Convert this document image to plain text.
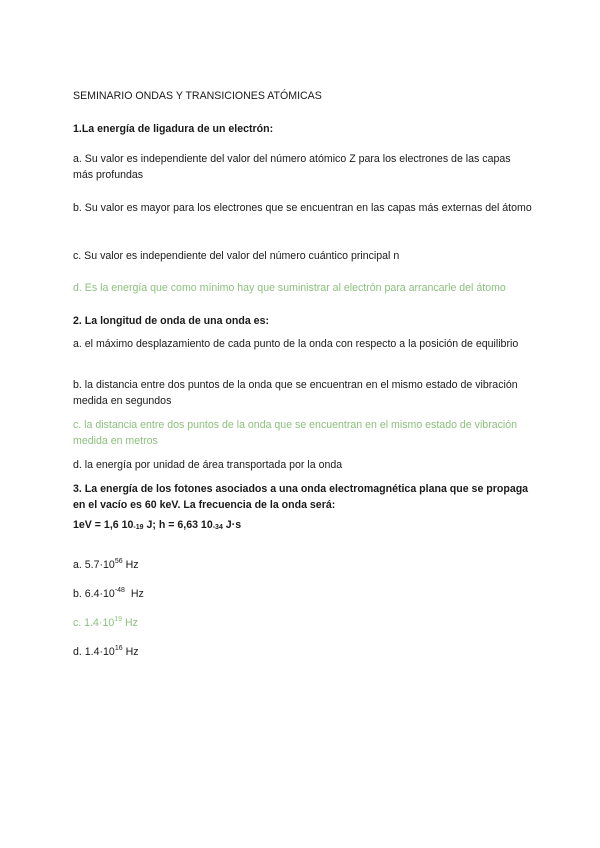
SEMINARIO ONDAS Y TRANSICIONES ATÓMICAS
1.La energía de ligadura de un electrón:
a. Su valor es independiente del valor del número atómico Z para los electrones de las capas más profundas
b. Su valor es mayor para los electrones que se encuentran en las capas más externas del átomo
c. Su valor es independiente del valor del número cuántico principal n
d. Es la energía que como mínimo hay que suministrar al electrón para arrancarle del átomo
2. La longitud de onda de una onda es:
a. el máximo desplazamiento de cada punto de la onda con respecto a la posición de equilibrio
b. la distancia entre dos puntos de la onda que se encuentran en el mismo estado de vibración medida en segundos
c. la distancia entre dos puntos de la onda que se encuentran en el mismo estado de vibración medida en metros
d. la energía por unidad de área transportada por la onda
3. La energía de los fotones asociados a una onda electromagnética plana que se propaga en el vacío es 60 keV. La frecuencia de la onda será:
1eV = 1,6 $10_{-19}$ J; h = 6,63 $10_{-34}$ J·s
a. $5.7\cdot 10^{56}$ Hz
b. $6.4\cdot 10^{-48}$  Hz
c. $1.4\cdot 10^{19}$ Hz
d. $1.4\cdot 10^{16}$ Hz
